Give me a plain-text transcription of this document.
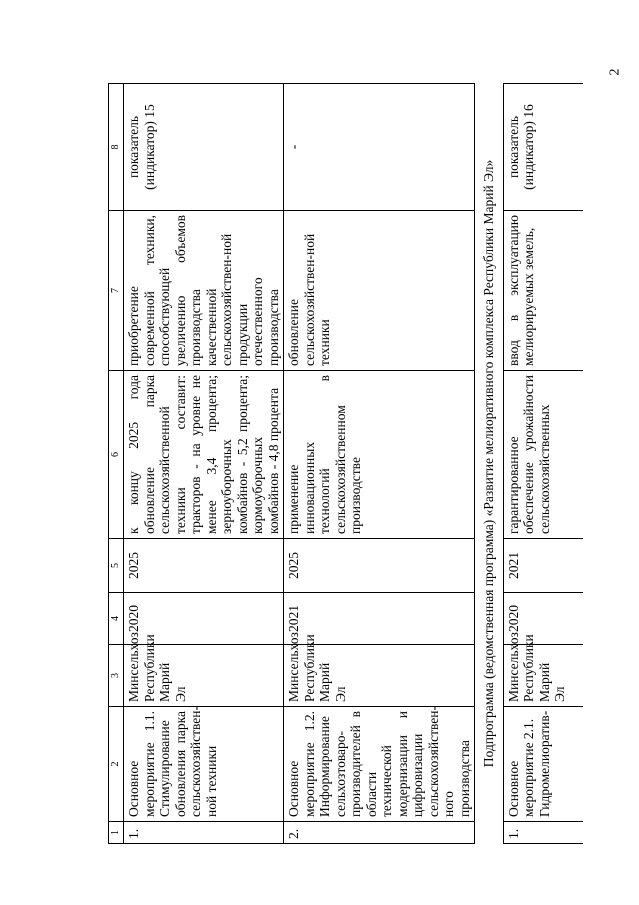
2
1	2	3	4	5	6	7	8
1.	Основное мероприятие 1.1. Стимулирование обновления парка сельскохозяйствен-ной техники	Минсельхоз Республики Марий Эл	2020	2025	к концу 2025 года обновление парка сельскохозяйственной техники составит: тракторов - на уровне не менее 3,4 процента; зерноуборочных комбайнов - 5,2 процента; кормоуборочных комбайнов - 4,8 процента	приобретение современной техники, способствующей увеличению объемов производства качественной сельскохозяйствен-ной продукции отечественного производства	показатель (индикатор) 15
2.	Основное мероприятие 1.2. Информирование сельхозтоваро-производителей в области технической модернизации и цифровизации сельскохозяйствен-ного производства	Минсельхоз Республики Марий Эл	2021	2025	применение инновационных технологий в сельскохозяйственном производстве	обновление сельскохозяйствен-ной техники	-
Подпрограмма (ведомственная программа) «Развитие мелиоративного комплекса Республики Марий Эл»							
1.	Основное мероприятие 2.1. Гидромелиоратив-	Минсельхоз Республики Марий Эл	2020	2021	гарантированное обеспечение урожайности сельскохозяйственных	ввод в эксплуатацию мелиорируемых земель,	показатель (индикатор) 16
